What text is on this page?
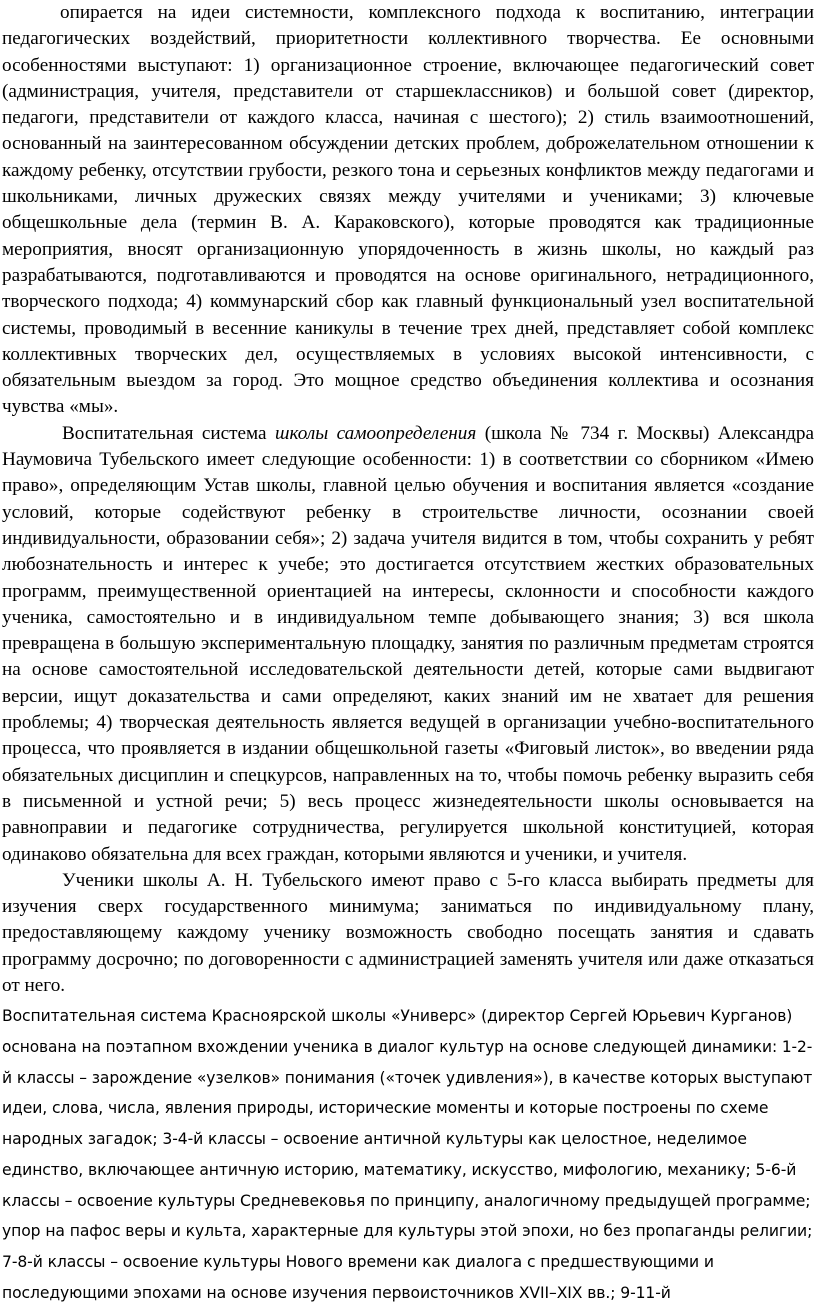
опирается на идеи системности, комплексного подхода к воспитанию, интеграции педагогических воздействий, приоритетности коллективного творчества. Ее основными особенностями выступают: 1) организационное строение, включающее педагогический совет (администрация, учителя, представители от старшеклассников) и большой совет (директор, педагоги, представители от каждого класса, начиная с шестого); 2) стиль взаимоотношений, основанный на заинтересованном обсуждении детских проблем, доброжелательном отношении к каждому ребенку, отсутствии грубости, резкого тона и серьезных конфликтов между педагогами и школьниками, личных дружеских связях между учителями и учениками; 3) ключевые общешкольные дела (термин В. А. Караковского), которые проводятся как традиционные мероприятия, вносят организационную упорядоченность в жизнь школы, но каждый раз разрабатываются, подготавливаются и проводятся на основе оригинального, нетрадиционного, творческого подхода; 4) коммунарский сбор как главный функциональный узел воспитательной системы, проводимый в весенние каникулы в течение трех дней, представляет собой комплекс коллективных творческих дел, осуществляемых в условиях высокой интенсивности, с обязательным выездом за город. Это мощное средство объединения коллектива и осознания чувства «мы».

Воспитательная система школы самоопределения (школа № 734 г. Москвы) Александра Наумовича Тубельского имеет следующие особенности: 1) в соответствии со сборником «Имею право», определяющим Устав школы, главной целью обучения и воспитания является «создание условий, которые содействуют ребенку в строительстве личности, осознании своей индивидуальности, образовании себя»; 2) задача учителя видится в том, чтобы сохранить у ребят любознательность и интерес к учебе; это достигается отсутствием жестких образовательных программ, преимущественной ориентацией на интересы, склонности и способности каждого ученика, самостоятельно и в индивидуальном темпе добывающего знания; 3) вся школа превращена в большую экспериментальную площадку, занятия по различным предметам строятся на основе самостоятельной исследовательской деятельности детей, которые сами выдвигают версии, ищут доказательства и сами определяют, каких знаний им не хватает для решения проблемы; 4) творческая деятельность является ведущей в организации учебно-воспитательного процесса, что проявляется в издании общешкольной газеты «Фиговый листок», во введении ряда обязательных дисциплин и спецкурсов, направленных на то, чтобы помочь ребенку выразить себя в письменной и устной речи; 5) весь процесс жизнедеятельности школы основывается на равноправии и педагогике сотрудничества, регулируется школьной конституцией, которая одинаково обязательна для всех граждан, которыми являются и ученики, и учителя.

Ученики школы А. Н. Тубельского имеют право с 5-го класса выбирать предметы для изучения сверх государственного минимума; заниматься по индивидуальному плану, предоставляющему каждому ученику возможность свободно посещать занятия и сдавать программу досрочно; по договоренности с администрацией заменять учителя или даже отказаться от него.

Воспитательная система Красноярской школы «Универс» (директор Сергей Юрьевич Курганов)
основана на поэтапном вхождении ученика в диалог культур на основе следующей динамики: 1-2-
й классы – зарождение «узелков» понимания («точек удивления»), в качестве которых выступают
идеи, слова, числа, явления природы, исторические моменты и которые построены по схеме
народных загадок; 3-4-й классы – освоение античной культуры как целостное, неделимое
единство, включающее античную историю, математику, искусство, мифологию, механику; 5-6-й
классы – освоение культуры Средневековья по принципу, аналогичному предыдущей программе;
упор на пафос веры и культа, характерные для культуры этой эпохи, но без пропаганды религии;
7-8-й классы – освоение культуры Нового времени как диалога с предшествующими и
последующими эпохами на основе изучения первоисточников XVII–XIX вв.; 9-11-й
